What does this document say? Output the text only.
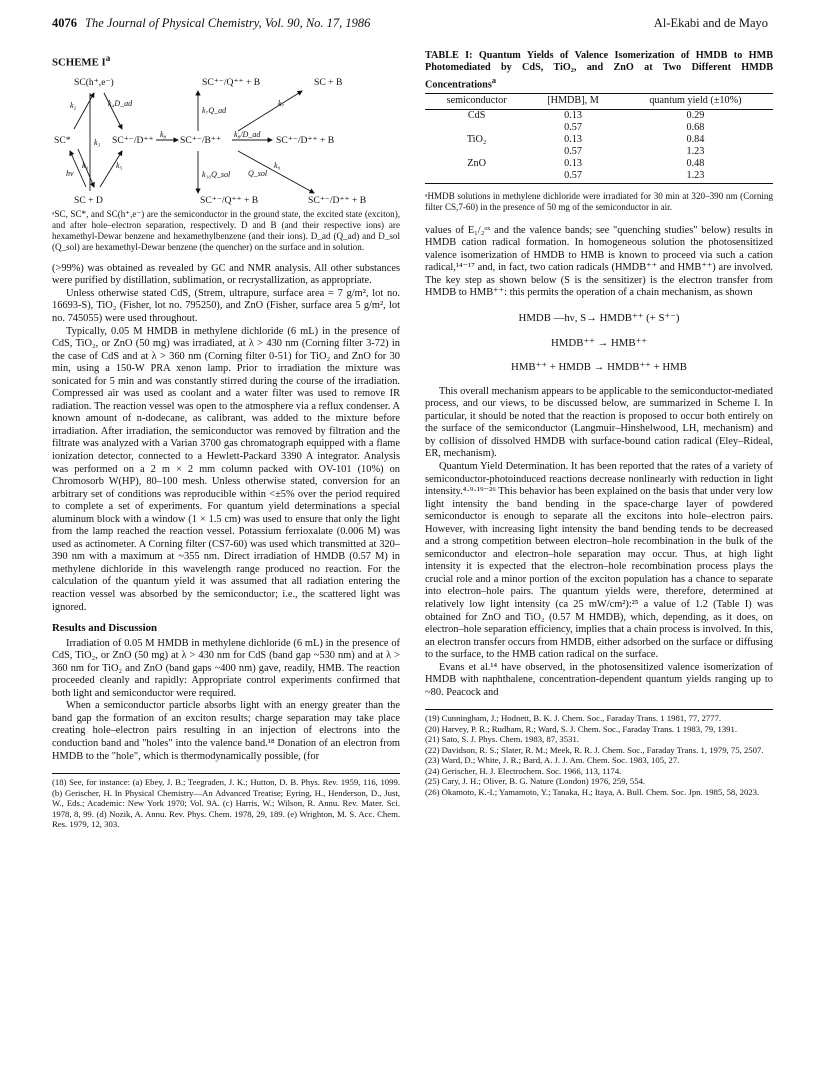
4076 The Journal of Physical Chemistry, Vol. 90, No. 17, 1986	Al-Ekabi and de Mayo
SCHEME $I^a$
SC(h⁺,e⁻)	SC⁺⁻/Q⁺⁺ + B	SC + B
k₂	k₄D_ad
k₇Q_ad
k₇
SC*	k₃ SC⁺⁻/D⁺⁺
k₈
SC⁺⁻/B⁺⁺
k₈/D_ad
SC⁺⁻/D⁺⁺ + B
k₁
hν
k₅
k₁₀Q_sol
k₉
Q_sol
SC + D	SC⁺⁻/Q⁺⁺ + B	SC⁺⁻/D⁺⁺ + B
ᵃSC, SC*, and SC(h⁺,e⁻) are the semiconductor in the ground state, the excited state (exciton), and after hole–electron separation, respectively. D and B (and their respective ions) are hexamethyl-Dewar benzene and hexamethylbenzene (and their ions). D_ad (Q_ad) and D_sol (Q_sol) are hexamethyl-Dewar benzene (the quencher) on the surface and in solution.

(>99%) was obtained as revealed by GC and NMR analysis. All other substances were purified by distillation, sublimation, or recrystallization, as appropriate.

Unless otherwise stated CdS, (Strem, ultrapure, surface area = 7 g/m², lot no. 16693-S), TiO₂ (Fisher, lot no. 795250), and ZnO (Fisher, surface area 5 g/m², lot no. 745055) were used throughout.

Typically, 0.05 M HMDB in methylene dichloride (6 mL) in the presence of CdS, TiO₂, or ZnO (50 mg) was irradiated, at λ > 430 nm (Corning filter 3-72) in the case of CdS and at λ > 360 nm (Corning filter 0-51) for TiO₂ and ZnO for 30 min, using a 150-W PRA xenon lamp. Prior to irradiation the mixture was sonicated for 5 min and was constantly stirred during the course of the irradiation. Compressed air was used as coolant and a water filter was used to remove IR radiation. The reaction vessel was open to the atmosphere via a reflux condenser. A known amount of n-dodecane, as calibrant, was added to the mixture before irradiation. After irradiation, the semiconductor was removed by filtration and the filtrate was analyzed with a Varian 3700 gas chromatograph equipped with a flame ionization detector, connected to a Hewlett-Packard 3390 A integrator. Analysis was performed on a 2 m × 2 mm column packed with OV-101 (10%) on Chromosorb W(HP), 80–100 mesh. Unless otherwise stated, conversion for an arbitrary set of conditions was reproducible within <±5% over the period required to complete a set of experiments. For quantum yield determinations a special aluminum block with a window (1 × 1.5 cm) was used to ensure that only the light from the lamp reached the reaction vessel. Potassium ferrioxalate (0.006 M) was used as actinometer. A Corning filter (CS7-60) was used which transmitted at 320–390 nm with a maximum at ~355 nm. Direct irradiation of HMDB (0.57 M) in methylene dichloride in this wavelength range produced no reaction. For the calculation of the quantum yield it was assumed that all radiation entering the reaction vessel was absorbed by the semiconductor; i.e., the scattered light was ignored.

Results and Discussion

Irradiation of 0.05 M HMDB in methylene dichloride (6 mL) in the presence of CdS, TiO₂, or ZnO (50 mg) at λ > 430 nm for CdS (band gap ~530 nm) and at λ > 360 nm for TiO₂ and ZnO (band gaps ~400 nm) gave, readily, HMB. The reaction proceeded cleanly and rapidly: Appropriate control experiments confirmed that both light and semiconductor were required.

When a semiconductor particle absorbs light with an energy greater than the band gap the formation of an exciton results; charge separation may take place creating hole–electron pairs resulting in an injection of electrons into the conduction band and "holes" into the valence band.¹⁸ Donation of an electron from HMDB to the "hole", which is thermodynamically possible, (for

(18) See, for instance: (a) Ebey, J. B.; Teegraden, J. K.; Hutton, D. B. Phys. Rev. 1959, 116, 1099. (b) Gerischer, H. In Physical Chemistry—An Advanced Treatise; Eyring, H., Henderson, D., Just, W., Eds.; Academic: New York 1970; Vol. 9A. (c) Harris, W.; Wilson, R. Annu. Rev. Mater. Sci. 1978, 8, 99. (d) Nozik, A. Annu. Rev. Phys. Chem. 1978, 29, 189. (e) Wrighton, M. S. Acc. Chem. Res. 1979, 12, 303.
TABLE I: Quantum Yields of Valence Isomerization of HMDB to HMB Photomediated by CdS, TiO₂, and ZnO at Two Different HMDB Concentrations$^a$
semiconductor	[HMDB], M	quantum yield (±10%)
CdS	0.13	0.29
	0.57	0.68
TiO₂	0.13	0.84
	0.57	1.23
ZnO	0.13	0.48
	0.57	1.23
ᵃHMDB solutions in methylene dichloride were irradiated for 30 min at 320–390 nm (Corning filter CS,7-60) in the presence of 50 mg of the semiconductor in air.

values of E₁/₂ᵒˣ and the valence bands; see "quenching studies" below) results in HMDB cation radical formation. In homogeneous solution the photosensitized valence isomerization of HMDB to HMB is known to proceed via such a cation radical,¹⁴⁻¹⁷ and, in fact, two cation radicals (HMDB⁺⁺ and HMB⁺⁺) are involved. The key step as shown below (S is the sensitizer) is the electron transfer from HMDB to HMB⁺⁺: this permits the operation of a chain mechanism, as shown

HMDB —hν, S→ HMDB⁺⁺ (+ S⁺⁻)
HMDB⁺⁺ → HMB⁺⁺
HMB⁺⁺ + HMDB → HMDB⁺⁺ + HMB

This overall mechanism appears to be applicable to the semiconductor-mediated process, and our views, to be discussed below, are summarized in Scheme I. In particular, it should be noted that the reaction is proposed to occur both entirely on the surface of the semiconductor (Langmuir–Hinshelwood, LH, mechanism) and by collision of dissolved HMDB with surface-bound cation radical (Eley–Rideal, ER, mechanism).

Quantum Yield Determination. It has been reported that the rates of a variety of semiconductor-photoinduced reactions decrease nonlinearly with reduction in light intensity.⁴·⁹·¹⁹⁻²⁶ This behavior has been explained on the basis that under very low light intensity the band bending in the space-charge layer of powdered semiconductor is enough to separate all the excitons into hole–electron pairs. However, with increasing light intensity the band bending tends to be decreased and a strong competition between electron–hole recombination in the bulk of the semiconductor and electron–hole separation may occur. Thus, at high light intensity it is expected that the electron–hole recombination process plays the crucial role and a minor portion of the exciton population has a chance to separate into electron–hole pairs. The quantum yields were, therefore, determined at relatively low light intensity (ca 25 mW/cm²):²⁵ a value of 1.2 (Table I) was obtained for ZnO and TiO₂ (0.57 M HMDB), which, depending, as it does, on electron–hole separation efficiency, implies that a chain process is involved. In this, an electron transfer occurs from HMDB, either adsorbed on the surface or diffusing to the surface, to the HMB cation radical on the surface.

Evans et al.¹⁴ have observed, in the photosensitized valence isomerization of HMDB with naphthalene, concentration-dependent quantum yields ranging up to ~80. Peacock and

(19) Cunningham, J.; Hodnett, B. K. J. Chem. Soc., Faraday Trans. 1 1981, 77, 2777.
(20) Harvey, P. R.; Rudham, R.; Ward, S. J. Chem. Soc., Faraday Trans. 1 1983, 79, 1391.
(21) Sato, S. J. Phys. Chem. 1983, 87, 3531.
(22) Davidson, R. S.; Slater, R. M.; Meek, R. R. J. Chem. Soc., Faraday Trans. 1, 1979, 75, 2507.
(23) Ward, D.; White, J. R.; Bard, A. J. J. Am. Chem. Soc. 1983, 105, 27.
(24) Gerischer, H. J. Electrochem. Soc. 1966, 113, 1174.
(25) Cary, J. H.; Oliver, B. G. Nature (London) 1976, 259, 554.
(26) Okamoto, K.-I.; Yamamoto, Y.; Tanaka, H.; Itaya, A. Bull. Chem. Soc. Jpn. 1985, 58, 2023.
